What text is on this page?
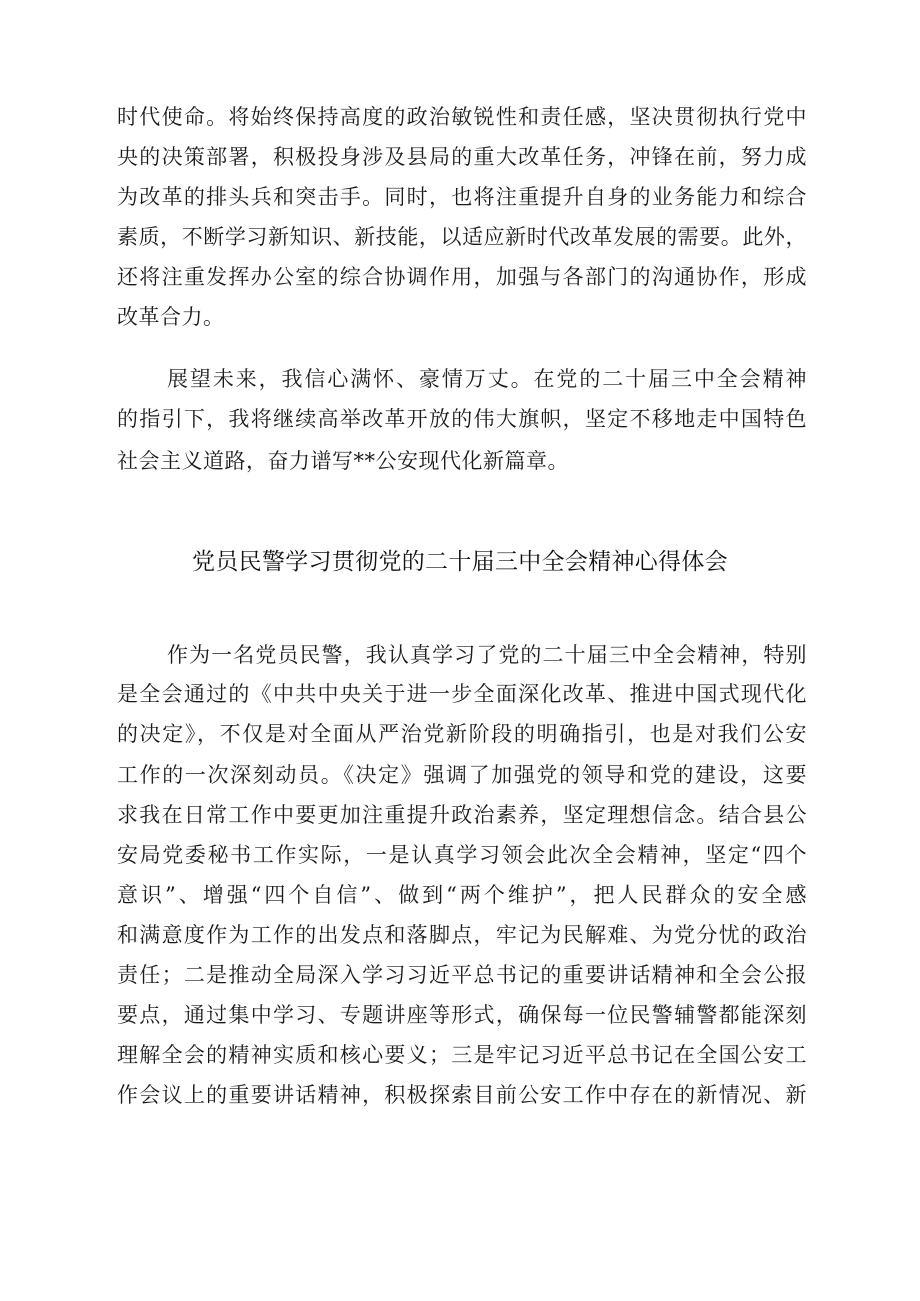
时代使命。将始终保持高度的政治敏锐性和责任感，坚决贯彻执行党中
央的决策部署，积极投身涉及县局的重大改革任务，冲锋在前，努力成
为改革的排头兵和突击手。同时，也将注重提升自身的业务能力和综合
素质，不断学习新知识、新技能，以适应新时代改革发展的需要。此外，
还将注重发挥办公室的综合协调作用，加强与各部门的沟通协作，形成
改革合力。
展望未来，我信心满怀、豪情万丈。在党的二十届三中全会精神
的指引下，我将继续高举改革开放的伟大旗帜，坚定不移地走中国特色
社会主义道路，奋力谱写**公安现代化新篇章。
党员民警学习贯彻党的二十届三中全会精神心得体会
作为一名党员民警，我认真学习了党的二十届三中全会精神，特别
是全会通过的《中共中央关于进一步全面深化改革、推进中国式现代化
的决定》，不仅是对全面从严治党新阶段的明确指引，也是对我们公安
工作的一次深刻动员。《决定》强调了加强党的领导和党的建设，这要
求我在日常工作中要更加注重提升政治素养，坚定理想信念。结合县公
安局党委秘书工作实际，一是认真学习领会此次全会精神，坚定“四个
意识”、增强“四个自信”、做到“两个维护”，把人民群众的安全感
和满意度作为工作的出发点和落脚点，牢记为民解难、为党分忧的政治
责任；二是推动全局深入学习习近平总书记的重要讲话精神和全会公报
要点，通过集中学习、专题讲座等形式，确保每一位民警辅警都能深刻
理解全会的精神实质和核心要义；三是牢记习近平总书记在全国公安工
作会议上的重要讲话精神，积极探索目前公安工作中存在的新情况、新
